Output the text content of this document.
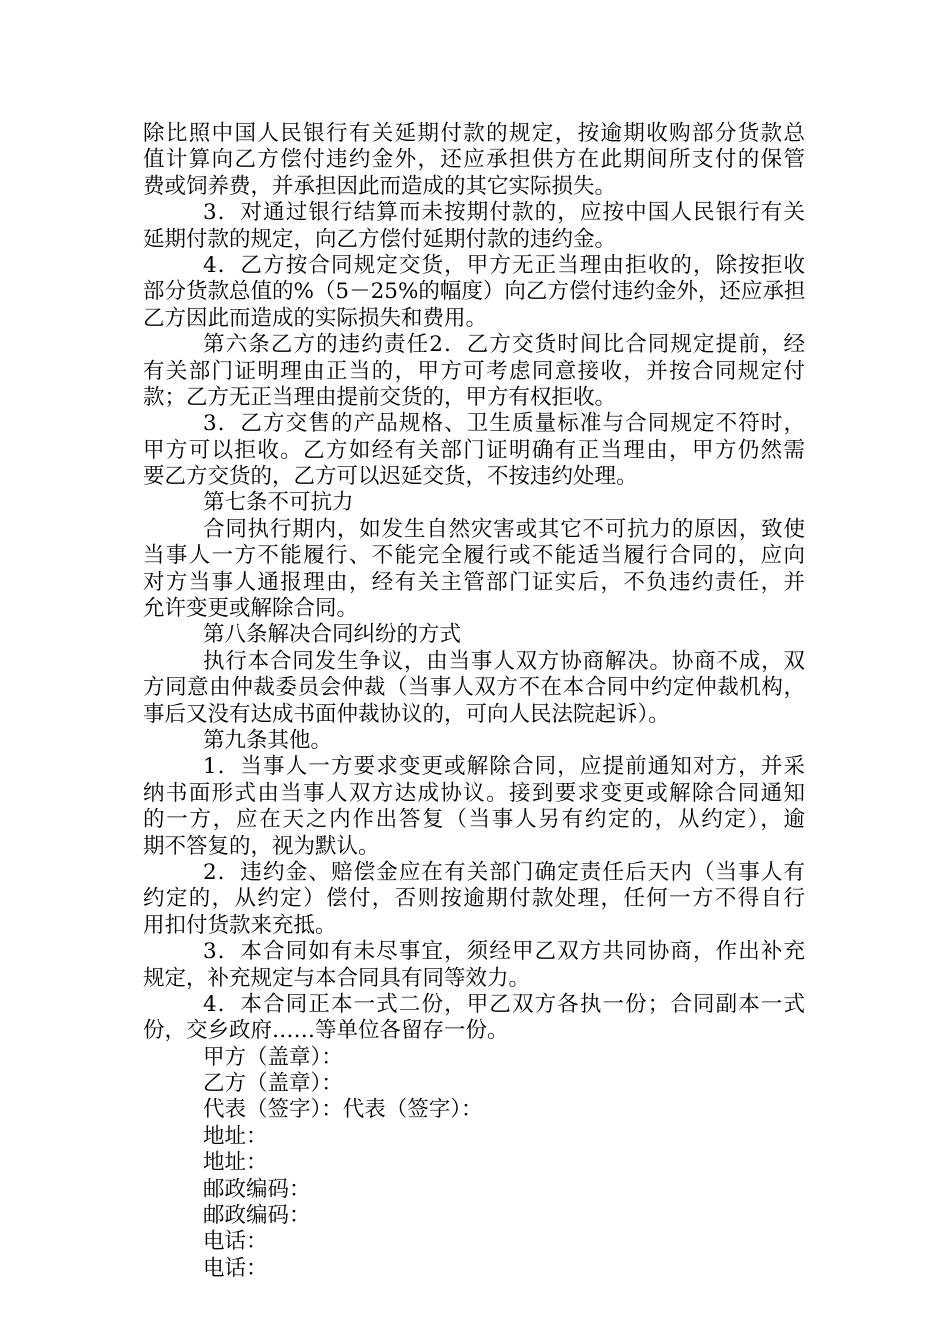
除比照中国人民银行有关延期付款的规定，按逾期收购部分货款总
值计算向乙方偿付违约金外，还应承担供方在此期间所支付的保管
费或饲养费，并承担因此而造成的其它实际损失。
3．对通过银行结算而未按期付款的，应按中国人民银行有关
延期付款的规定，向乙方偿付延期付款的违约金。
4．乙方按合同规定交货，甲方无正当理由拒收的，除按拒收
部分货款总值的%（5－25%的幅度）向乙方偿付违约金外，还应承担
乙方因此而造成的实际损失和费用。
第六条乙方的违约责任2．乙方交货时间比合同规定提前，经
有关部门证明理由正当的，甲方可考虑同意接收，并按合同规定付
款；乙方无正当理由提前交货的，甲方有权拒收。
3．乙方交售的产品规格、卫生质量标准与合同规定不符时，
甲方可以拒收。乙方如经有关部门证明确有正当理由，甲方仍然需
要乙方交货的，乙方可以迟延交货，不按违约处理。
第七条不可抗力
合同执行期内，如发生自然灾害或其它不可抗力的原因，致使
当事人一方不能履行、不能完全履行或不能适当履行合同的，应向
对方当事人通报理由，经有关主管部门证实后，不负违约责任，并
允许变更或解除合同。
第八条解决合同纠纷的方式
执行本合同发生争议，由当事人双方协商解决。协商不成，双
方同意由仲裁委员会仲裁（当事人双方不在本合同中约定仲裁机构，
事后又没有达成书面仲裁协议的，可向人民法院起诉）。
第九条其他。
1．当事人一方要求变更或解除合同，应提前通知对方，并采
纳书面形式由当事人双方达成协议。接到要求变更或解除合同通知
的一方，应在天之内作出答复（当事人另有约定的，从约定），逾
期不答复的，视为默认。
2．违约金、赔偿金应在有关部门确定责任后天内（当事人有
约定的，从约定）偿付，否则按逾期付款处理，任何一方不得自行
用扣付货款来充抵。
3．本合同如有未尽事宜，须经甲乙双方共同协商，作出补充
规定，补充规定与本合同具有同等效力。
4．本合同正本一式二份，甲乙双方各执一份；合同副本一式
份，交乡政府……等单位各留存一份。
甲方（盖章）：
乙方（盖章）：
代表（签字）：代表（签字）：
地址：
地址：
邮政编码：
邮政编码：
电话：
电话：
